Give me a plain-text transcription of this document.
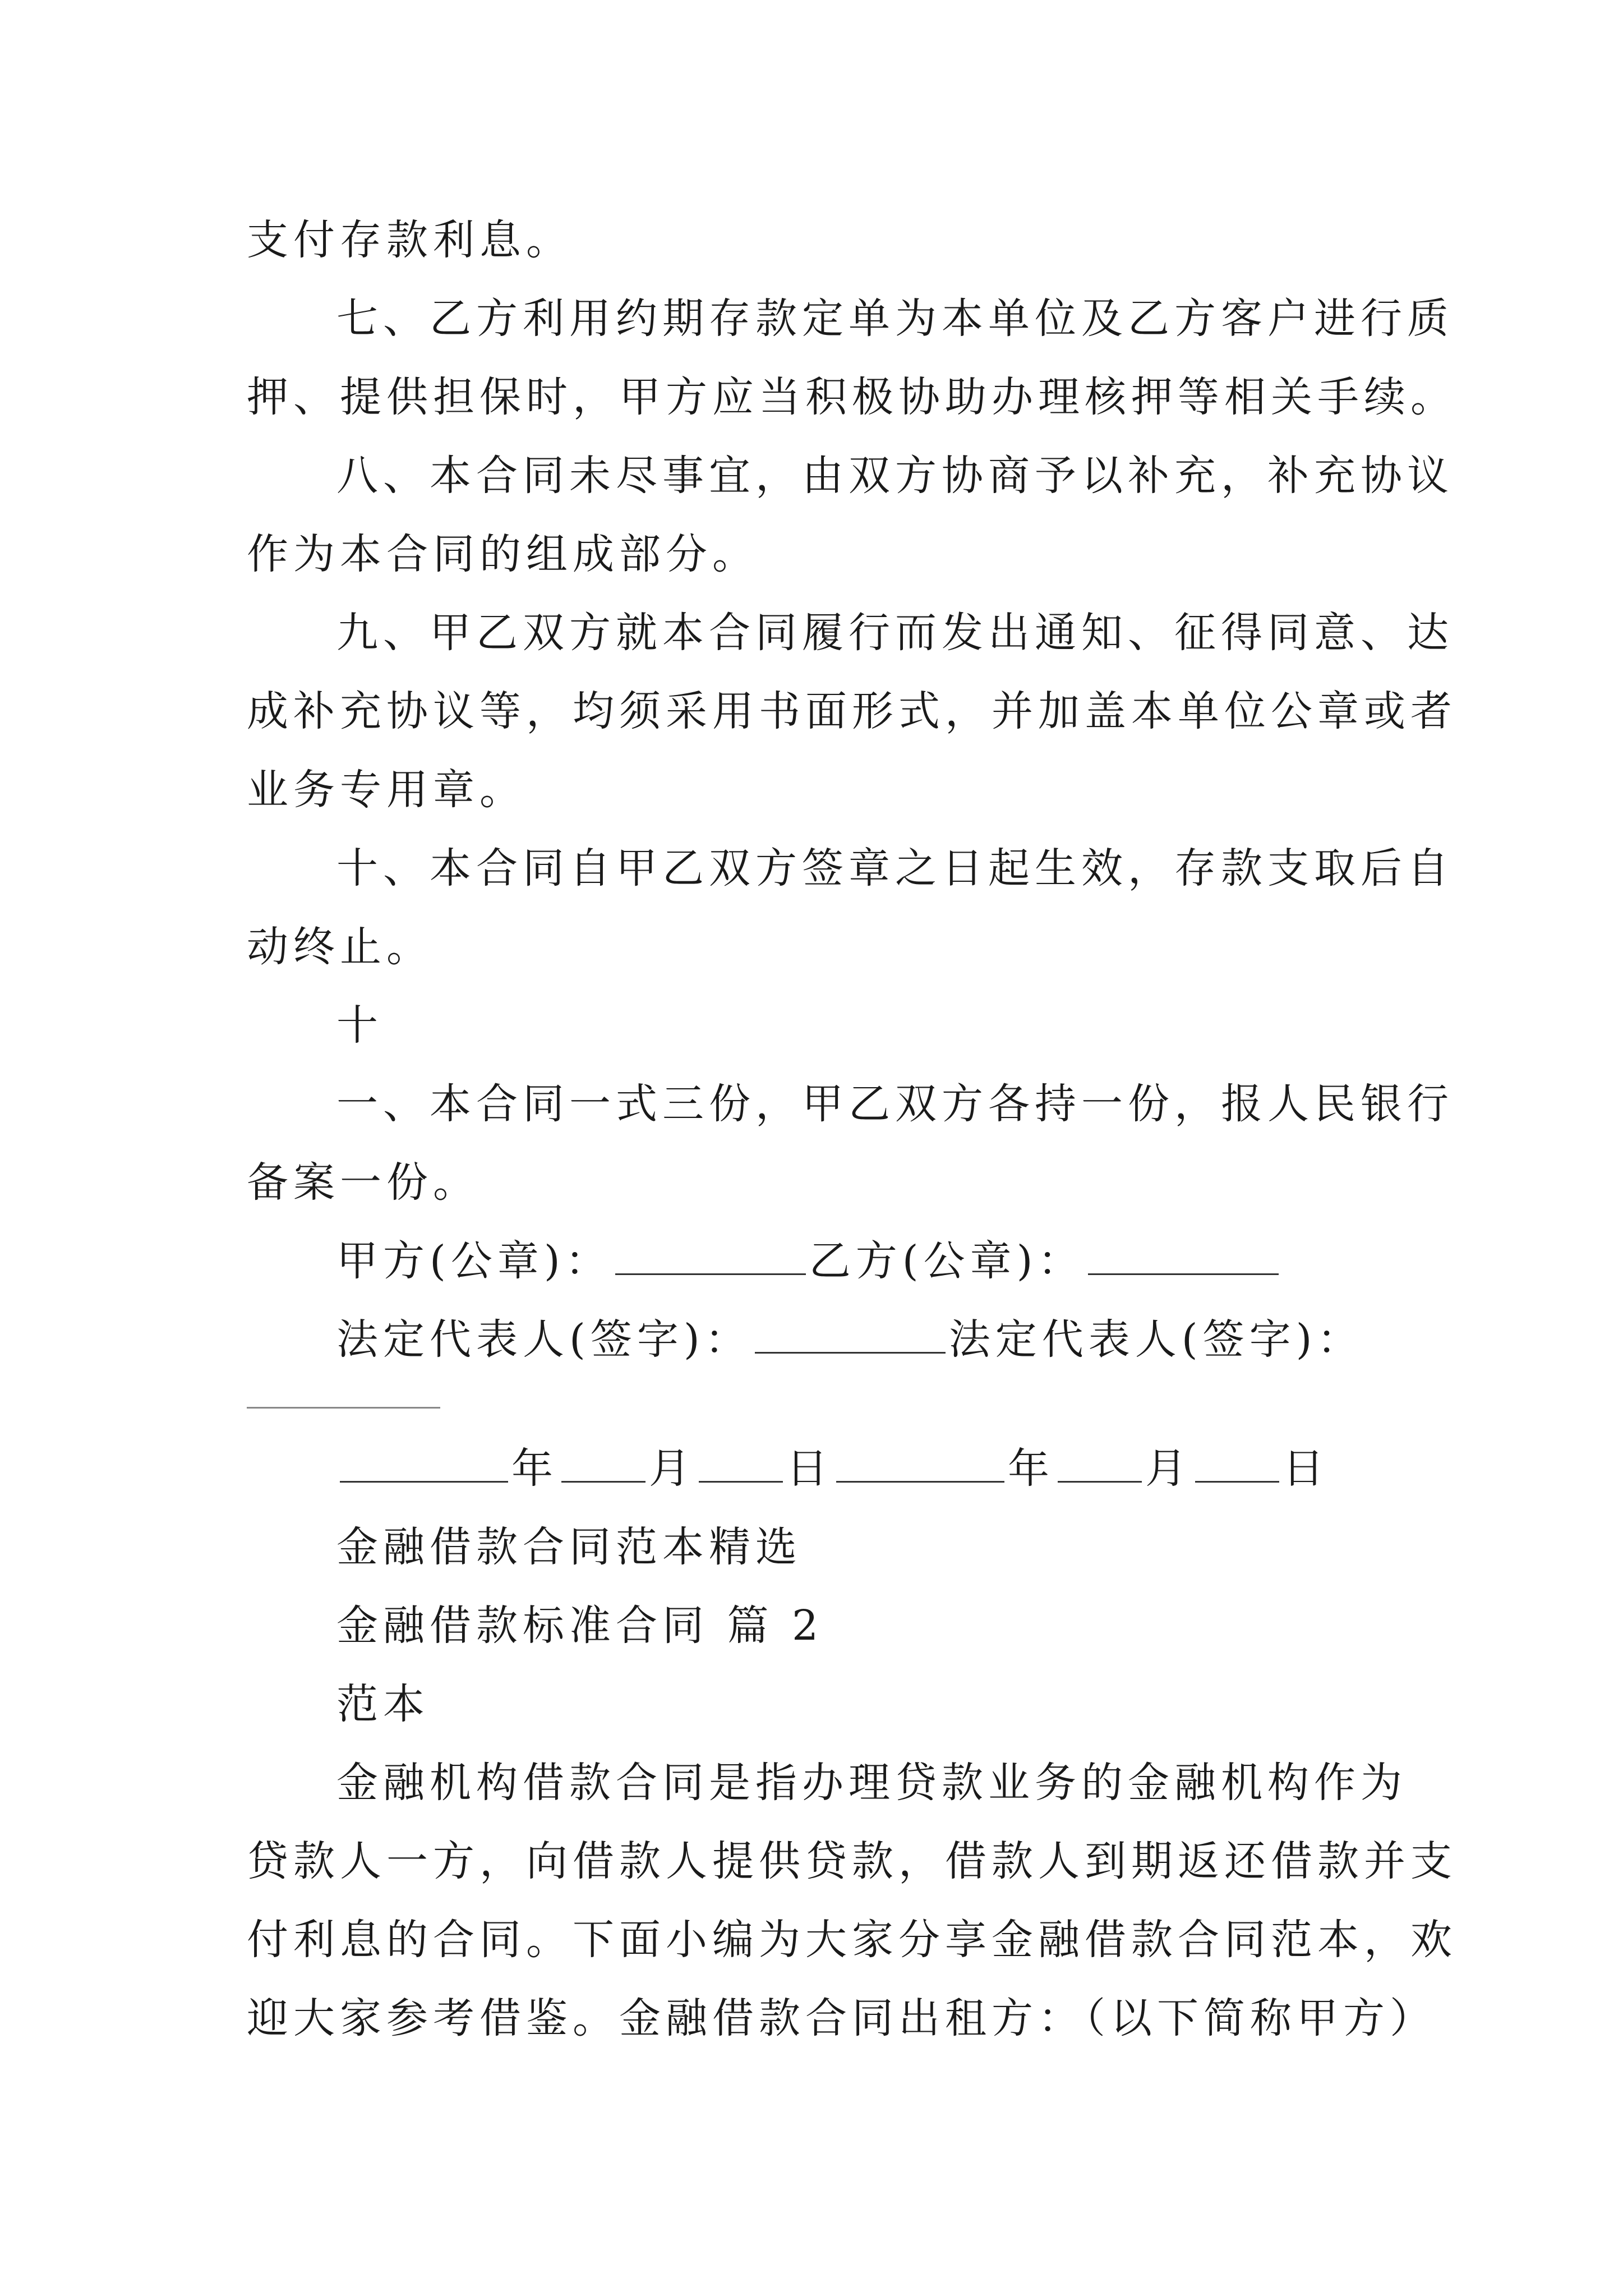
支付存款利息。
七、乙方利用约期存款定单为本单位及乙方客户进行质
押、提供担保时，甲方应当积极协助办理核押等相关手续。
八、本合同未尽事宜，由双方协商予以补充，补充协议
作为本合同的组成部分。
九、甲乙双方就本合同履行而发出通知、征得同意、达
成补充协议等，均须采用书面形式，并加盖本单位公章或者
业务专用章。
十、本合同自甲乙双方签章之日起生效，存款支取后自
动终止。
十
一、本合同一式三份，甲乙双方各持一份，报人民银行
备案一份。
甲方(公章)：	乙方(公章)：
法定代表人(签字)：	法定代表人(签字)：
年 月 日	年 月 日
金融借款合同范本精选
金融借款标准合同 篇 2
范本
金融机构借款合同是指办理贷款业务的金融机构作为
贷款人一方，向借款人提供贷款，借款人到期返还借款并支
付利息的合同。下面小编为大家分享金融借款合同范本，欢
迎大家参考借鉴。金融借款合同出租方：（以下简称甲方）
